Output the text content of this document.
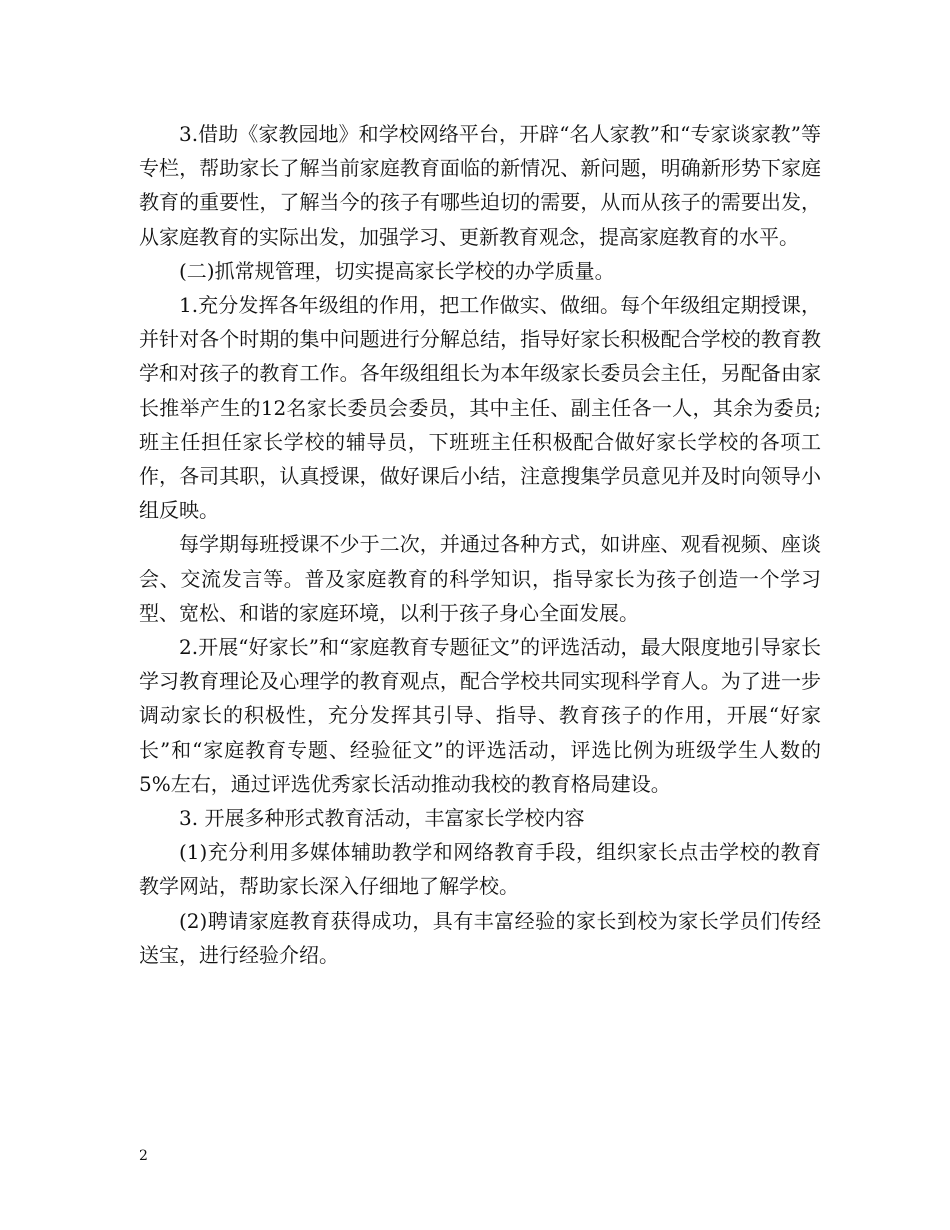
3.借助《家教园地》和学校网络平台，开辟“名人家教”和“专家谈家教”等专栏，帮助家长了解当前家庭教育面临的新情况、新问题，明确新形势下家庭教育的重要性，了解当今的孩子有哪些迫切的需要，从而从孩子的需要出发，从家庭教育的实际出发，加强学习、更新教育观念，提高家庭教育的水平。

(二)抓常规管理，切实提高家长学校的办学质量。

1.充分发挥各年级组的作用，把工作做实、做细。每个年级组定期授课，并针对各个时期的集中问题进行分解总结，指导好家长积极配合学校的教育教学和对孩子的教育工作。各年级组组长为本年级家长委员会主任，另配备由家长推举产生的12名家长委员会委员，其中主任、副主任各一人，其余为委员;班主任担任家长学校的辅导员，下班班主任积极配合做好家长学校的各项工作，各司其职，认真授课，做好课后小结，注意搜集学员意见并及时向领导小组反映。

每学期每班授课不少于二次，并通过各种方式，如讲座、观看视频、座谈会、交流发言等。普及家庭教育的科学知识，指导家长为孩子创造一个学习型、宽松、和谐的家庭环境，以利于孩子身心全面发展。

2.开展“好家长”和“家庭教育专题征文”的评选活动，最大限度地引导家长学习教育理论及心理学的教育观点，配合学校共同实现科学育人。为了进一步调动家长的积极性，充分发挥其引导、指导、教育孩子的作用，开展“好家长”和“家庭教育专题、经验征文”的评选活动，评选比例为班级学生人数的5%左右，通过评选优秀家长活动推动我校的教育格局建设。

3. 开展多种形式教育活动，丰富家长学校内容

(1)充分利用多媒体辅助教学和网络教育手段，组织家长点击学校的教育教学网站，帮助家长深入仔细地了解学校。

(2)聘请家庭教育获得成功，具有丰富经验的家长到校为家长学员们传经送宝，进行经验介绍。

2
